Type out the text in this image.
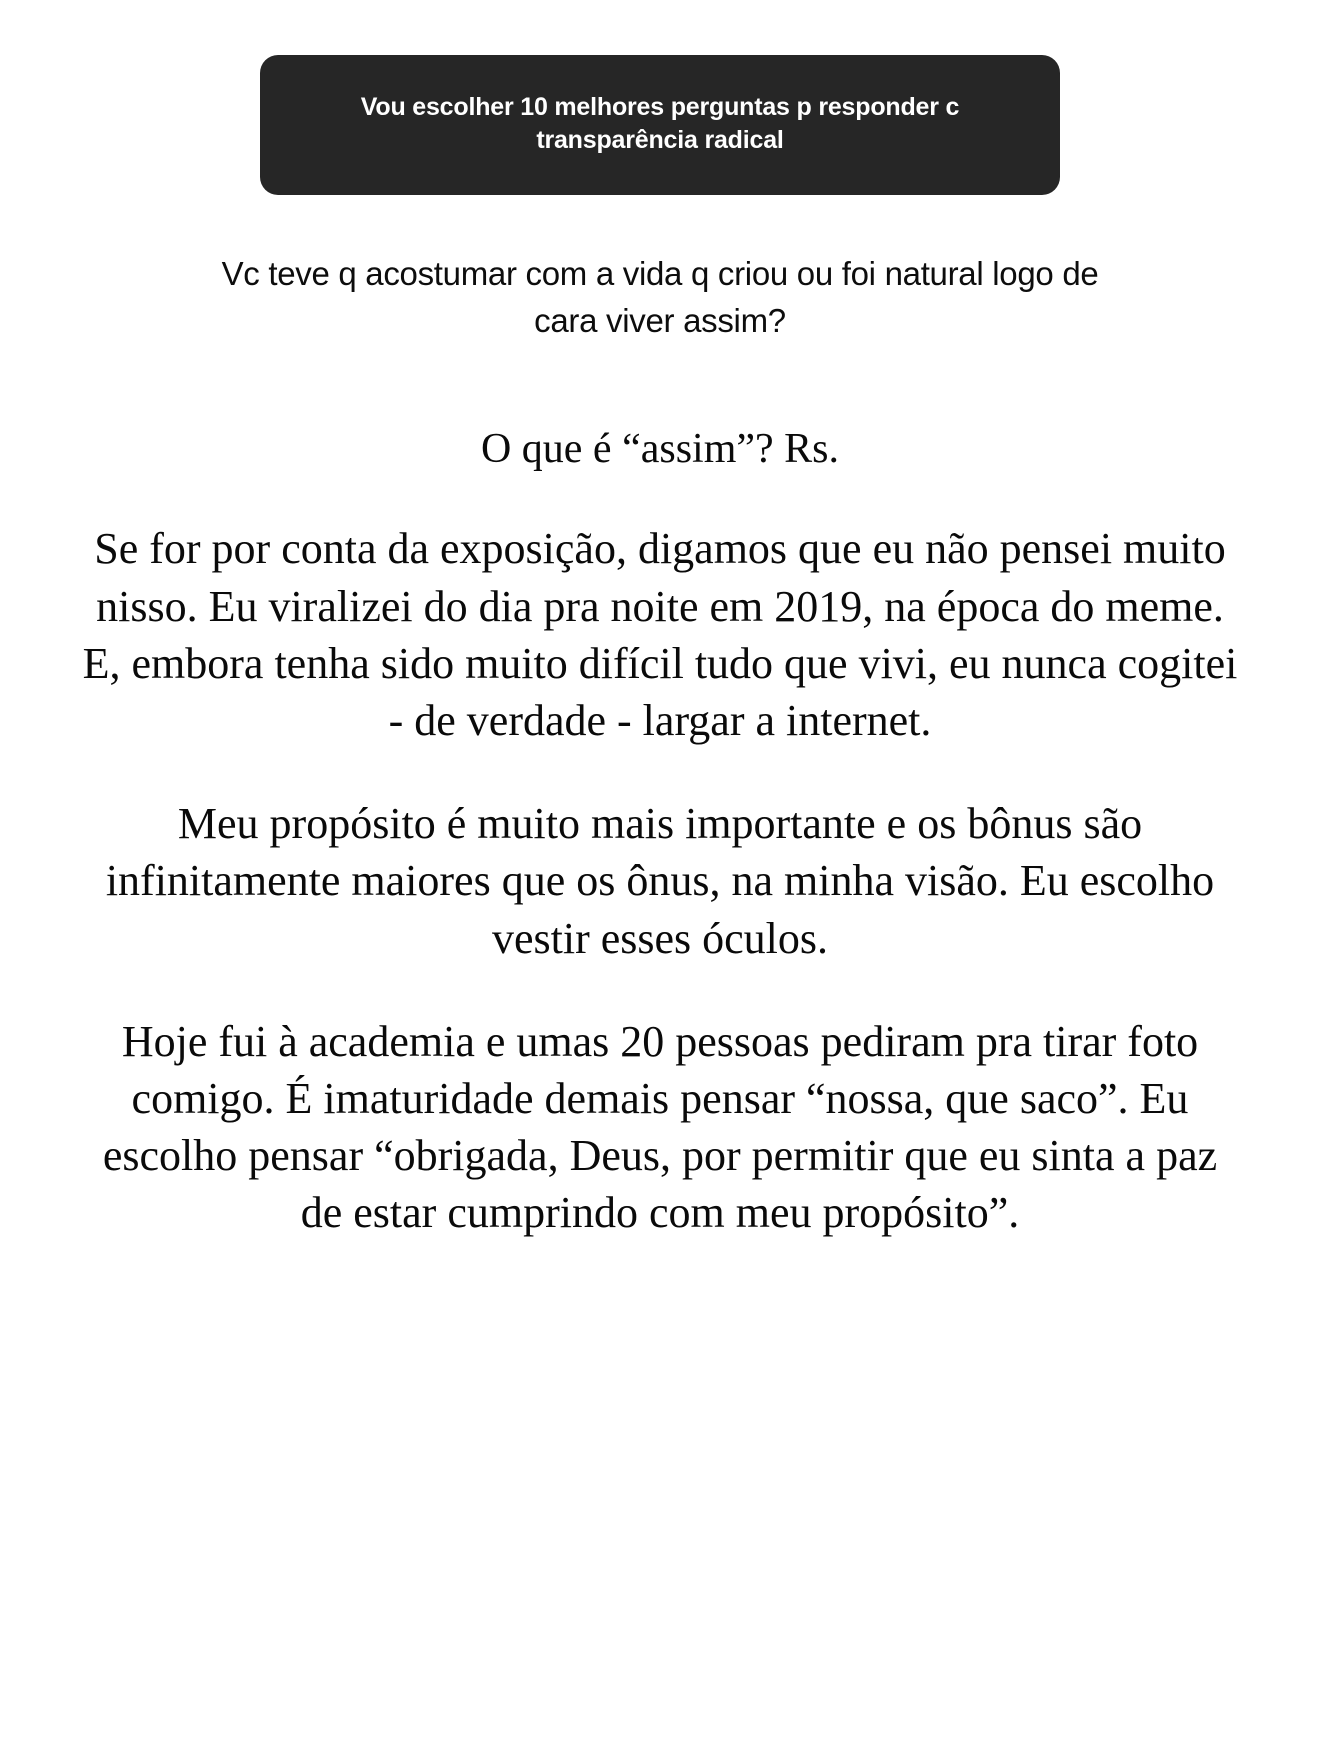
Vou escolher 10 melhores perguntas p responder c transparência radical
Vc teve q acostumar com a vida q criou ou foi natural logo de cara viver assim?

O que é “assim”? Rs.

Se for por conta da exposição, digamos que eu não pensei muito nisso. Eu viralizei do dia pra noite em 2019, na época do meme. E, embora tenha sido muito difícil tudo que vivi, eu nunca cogitei - de verdade - largar a internet.

Meu propósito é muito mais importante e os bônus são infinitamente maiores que os ônus, na minha visão. Eu escolho vestir esses óculos.

Hoje fui à academia e umas 20 pessoas pediram pra tirar foto comigo. É imaturidade demais pensar “nossa, que saco”. Eu escolho pensar “obrigada, Deus, por permitir que eu sinta a paz de estar cumprindo com meu propósito”.
